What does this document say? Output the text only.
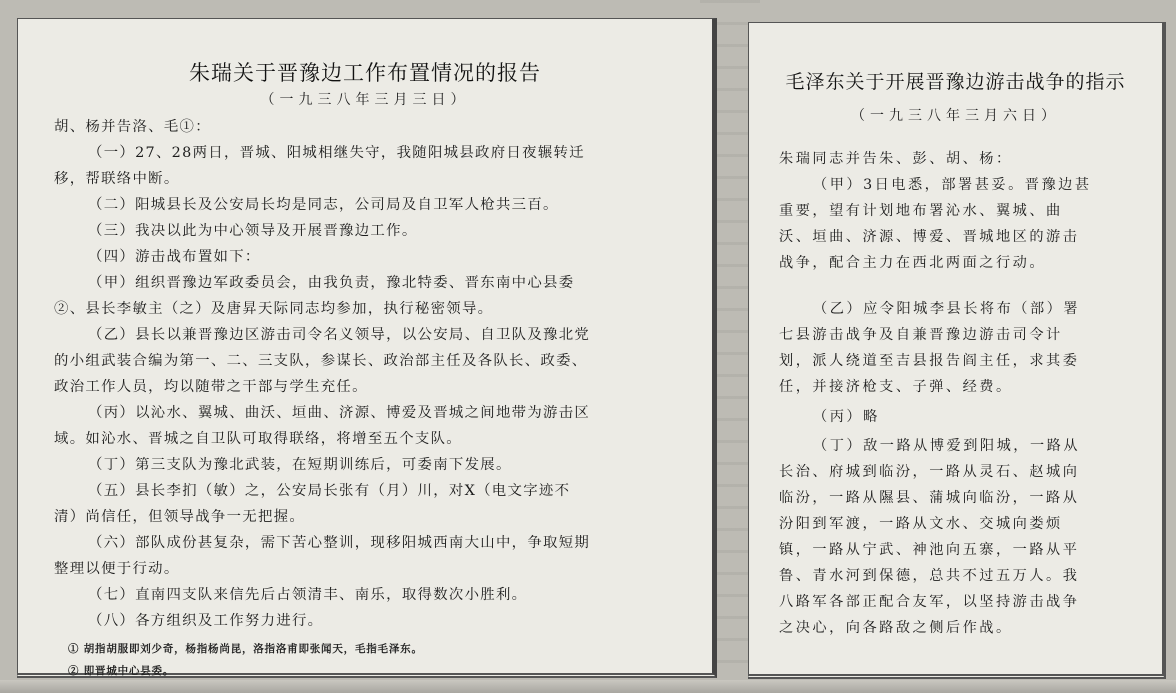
朱瑞关于晋豫边工作布置情况的报告
（一九三八年三月三日）
胡、杨并告洛、毛①：
（一）27、28两日，晋城、阳城相继失守，我随阳城县政府日夜辗转迁
移，帮联络中断。
（二）阳城县长及公安局长均是同志，公司局及自卫军人枪共三百。
（三）我决以此为中心领导及开展晋豫边工作。
（四）游击战布置如下：
（甲）组织晋豫边军政委员会，由我负责，豫北特委、晋东南中心县委
②、县长李敏主（之）及唐昇天际同志均参加，执行秘密领导。
（乙）县长以兼晋豫边区游击司令名义领导，以公安局、自卫队及豫北党
的小组武装合编为第一、二、三支队，参谋长、政治部主任及各队长、政委、
政治工作人员，均以随带之干部与学生充任。
（丙）以沁水、翼城、曲沃、垣曲、济源、博爱及晋城之间地带为游击区
域。如沁水、晋城之自卫队可取得联络，将增至五个支队。
（丁）第三支队为豫北武装，在短期训练后，可委南下发展。
（五）县长李扪（敏）之，公安局长张有（月）川，对X（电文字迹不
清）尚信任，但领导战争一无把握。
（六）部队成份甚复杂，需下苦心整训，现移阳城西南大山中，争取短期
整理以便于行动。
（七）直南四支队来信先后占领清丰、南乐，取得数次小胜利。
（八）各方组织及工作努力进行。
① 胡指胡服即刘少奇，杨指杨尚昆，洛指洛甫即张闻天，毛指毛泽东。
② 即晋城中心县委。
毛泽东关于开展晋豫边游击战争的指示
（一九三八年三月六日）
朱瑞同志并告朱、彭、胡、杨：
（甲）3日电悉，部署甚妥。晋豫边甚
重要，望有计划地布署沁水、翼城、曲
沃、垣曲、济源、博爱、晋城地区的游击
战争，配合主力在西北两面之行动。
（乙）应令阳城李县长将布（部）署
七县游击战争及自兼晋豫边游击司令计
划，派人绕道至吉县报告阎主任，求其委
任，并接济枪支、子弹、经费。
（丙）略
（丁）敌一路从博爱到阳城，一路从
长治、府城到临汾，一路从灵石、赵城向
临汾，一路从隰县、蒲城向临汾，一路从
汾阳到军渡，一路从文水、交城向娄烦
镇，一路从宁武、神池向五寨，一路从平
鲁、青水河到保德，总共不过五万人。我
八路军各部正配合友军，以坚持游击战争
之决心，向各路敌之侧后作战。
